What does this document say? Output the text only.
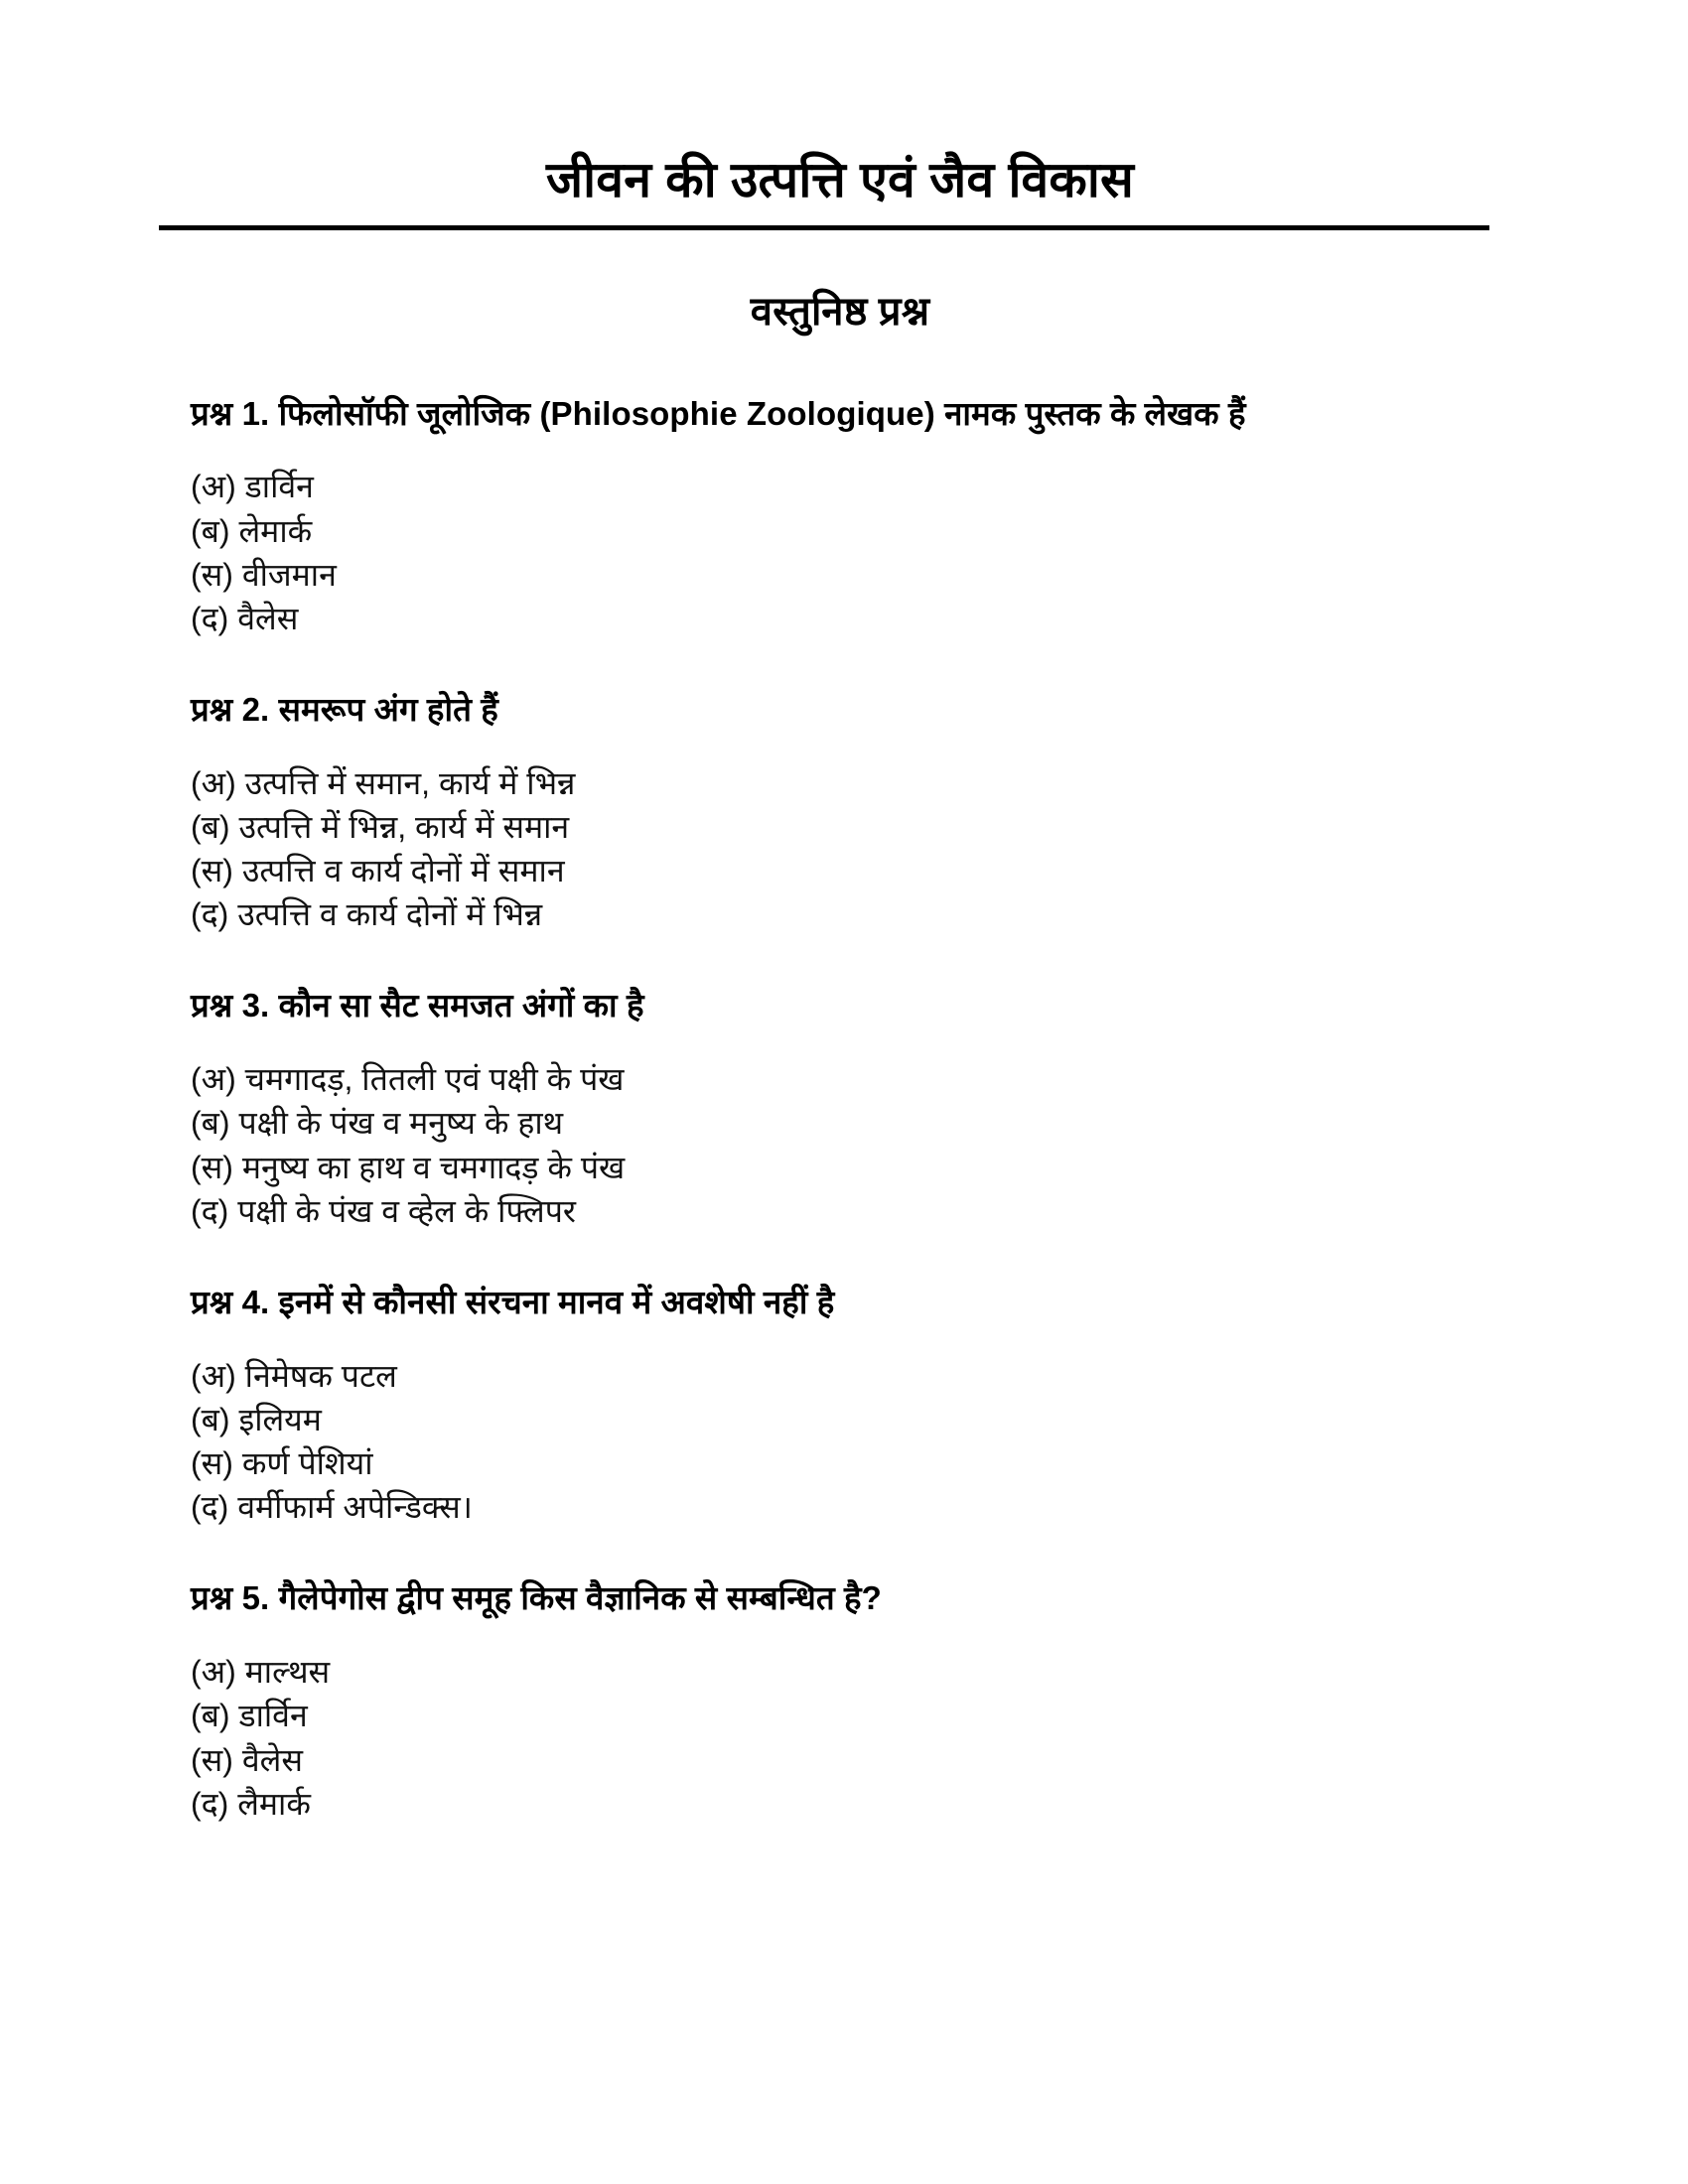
जीवन की उत्पत्ति एवं जैव विकास
वस्तुनिष्ठ प्रश्न

प्रश्न 1. फिलोसॉफी जूलोजिक (Philosophie Zoologique) नामक पुस्तक के लेखक हैं

(अ) डार्विन
(ब) लेमार्क
(स) वीजमान
(द) वैलेस

प्रश्न 2. समरूप अंग होते हैं

(अ) उत्पत्ति में समान, कार्य में भिन्न
(ब) उत्पत्ति में भिन्न, कार्य में समान
(स) उत्पत्ति व कार्य दोनों में समान
(द) उत्पत्ति व कार्य दोनों में भिन्न

प्रश्न 3. कौन सा सैट समजत अंगों का है

(अ) चमगादड़, तितली एवं पक्षी के पंख
(ब) पक्षी के पंख व मनुष्य के हाथ
(स) मनुष्य का हाथ व चमगादड़ के पंख
(द) पक्षी के पंख व व्हेल के फ्लिपर

प्रश्न 4. इनमें से कौनसी संरचना मानव में अवशेषी नहीं है

(अ) निमेषक पटल
(ब) इलियम
(स) कर्ण पेशियां
(द) वर्मीफार्म अपेन्डिक्स।

प्रश्न 5. गैलेपेगोस द्वीप समूह किस वैज्ञानिक से सम्बन्धित है?

(अ) माल्थस
(ब) डार्विन
(स) वैलेस
(द) लैमार्क
